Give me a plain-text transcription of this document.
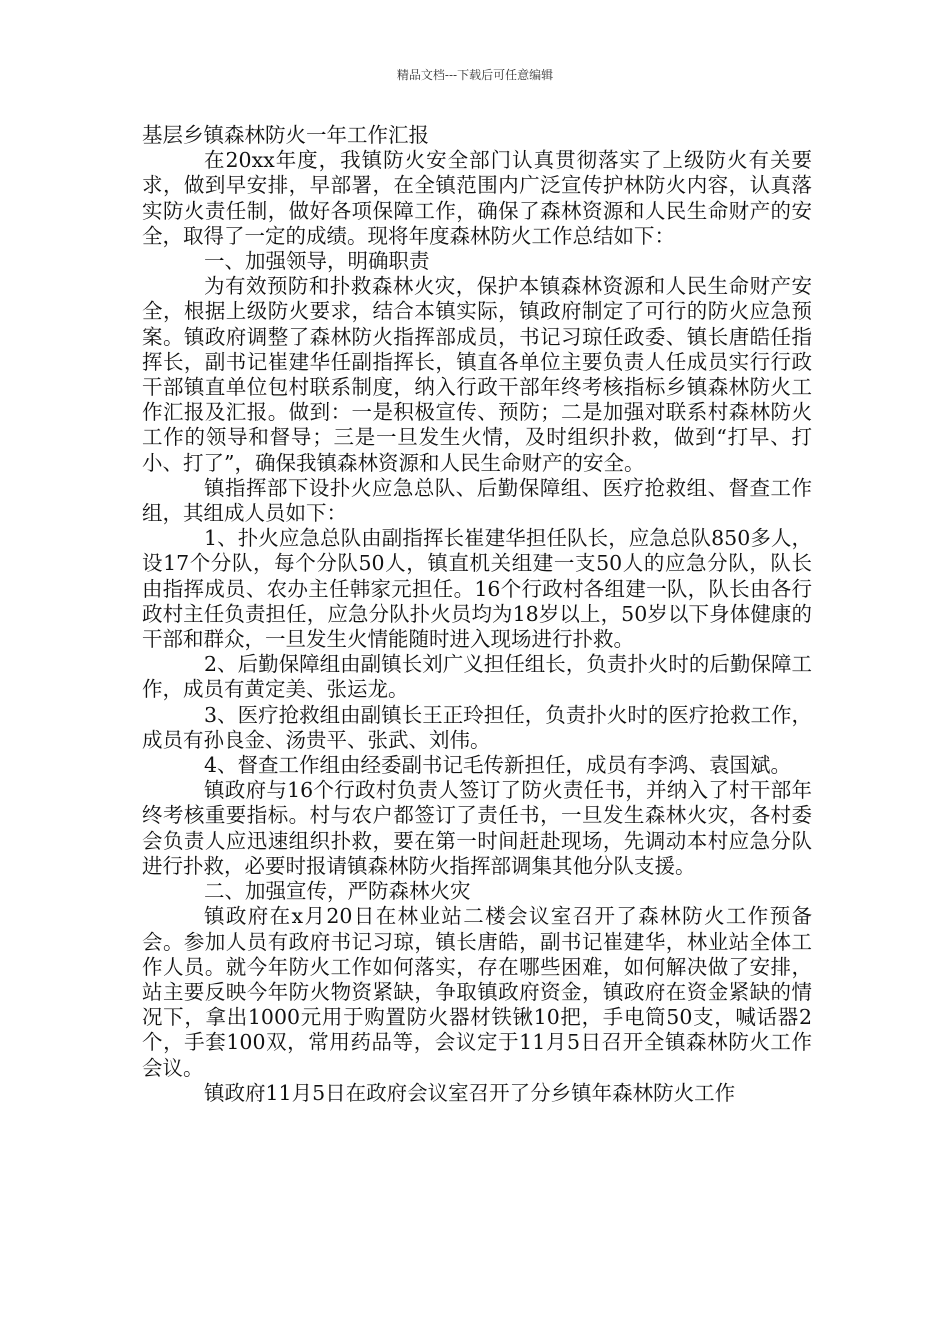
精品文档---下载后可任意编辑

基层乡镇森林防火一年工作汇报

在20xx年度，我镇防火安全部门认真贯彻落实了上级防火有关要求，做到早安排，早部署，在全镇范围内广泛宣传护林防火内容，认真落实防火责任制，做好各项保障工作，确保了森林资源和人民生命财产的安全，取得了一定的成绩。现将年度森林防火工作总结如下：

一、加强领导，明确职责

为有效预防和扑救森林火灾，保护本镇森林资源和人民生命财产安全，根据上级防火要求，结合本镇实际，镇政府制定了可行的防火应急预案。镇政府调整了森林防火指挥部成员，书记习琼任政委、镇长唐皓任指挥长，副书记崔建华任副指挥长，镇直各单位主要负责人任成员实行行政干部镇直单位包村联系制度，纳入行政干部年终考核指标乡镇森林防火工作汇报及汇报。做到：一是积极宣传、预防；二是加强对联系村森林防火工作的领导和督导；三是一旦发生火情，及时组织扑救，做到“打早、打小、打了”，确保我镇森林资源和人民生命财产的安全。

镇指挥部下设扑火应急总队、后勤保障组、医疗抢救组、督查工作组，其组成人员如下：

1、扑火应急总队由副指挥长崔建华担任队长，应急总队850多人，设17个分队，每个分队50人，镇直机关组建一支50人的应急分队，队长由指挥成员、农办主任韩家元担任。16个行政村各组建一队，队长由各行政村主任负责担任，应急分队扑火员均为18岁以上，50岁以下身体健康的干部和群众，一旦发生火情能随时进入现场进行扑救。

2、后勤保障组由副镇长刘广义担任组长，负责扑火时的后勤保障工作，成员有黄定美、张运龙。

3、医疗抢救组由副镇长王正玲担任，负责扑火时的医疗抢救工作，成员有孙良金、汤贵平、张武、刘伟。

4、督查工作组由经委副书记毛传新担任，成员有李鸿、袁国斌。

镇政府与16个行政村负责人签订了防火责任书，并纳入了村干部年终考核重要指标。村与农户都签订了责任书，一旦发生森林火灾，各村委会负责人应迅速组织扑救，要在第一时间赶赴现场，先调动本村应急分队进行扑救，必要时报请镇森林防火指挥部调集其他分队支援。

二、加强宣传，严防森林火灾

镇政府在x月20日在林业站二楼会议室召开了森林防火工作预备会。参加人员有政府书记习琼，镇长唐皓，副书记崔建华，林业站全体工作人员。就今年防火工作如何落实，存在哪些困难，如何解决做了安排，站主要反映今年防火物资紧缺，争取镇政府资金，镇政府在资金紧缺的情况下，拿出1000元用于购置防火器材铁锹10把，手电筒50支，喊话器2个，手套100双，常用药品等，会议定于11月5日召开全镇森林防火工作会议。

镇政府11月5日在政府会议室召开了分乡镇年森林防火工作
